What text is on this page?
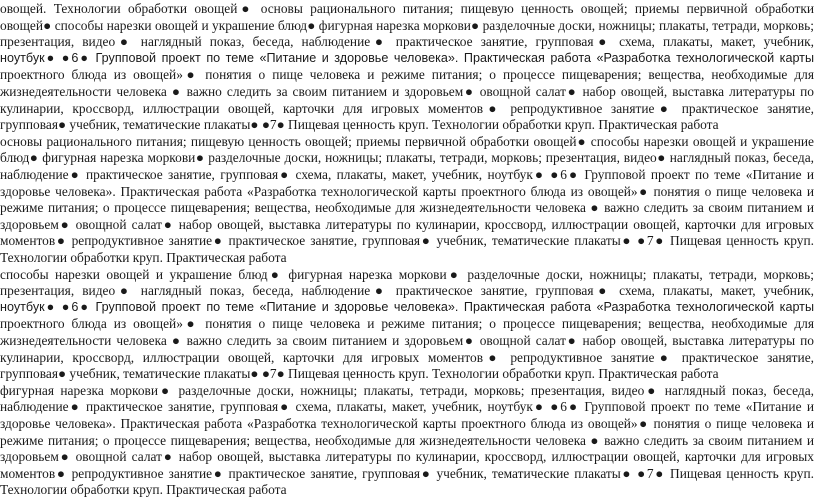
овощей. Технологии обработки овощей● основы рационального питания; пищевую ценность овощей; приемы первичной обработки
овощей● способы нарезки овощей и украшение блюд● фигурная нарезка моркови● разделочные доски, ножницы; плакаты, тетради, морковь;
презентация, видео● наглядный показ, беседа, наблюдение● практическое занятие, групповая● схема, плакаты, макет, учебник,
ноутбук● ●6● Групповой проект по теме «Питание и здоровье человека». Практическая работа «Разработка технологической карты
проектного блюда из овощей»● понятия о пище человека и режиме питания; о процессе пищеварения; вещества, необходимые для
жизнедеятельности человека ● важно следить за своим питанием и здоровьем● овощной салат● набор овощей, выставка литературы по
кулинарии, кроссворд, иллюстрации овощей, карточки для игровых моментов● репродуктивное занятие● практическое занятие,
групповая● учебник, тематические плакаты● ●7● Пищевая ценность круп. Технологии обработки круп. Практическая работа
основы рационального питания; пищевую ценность овощей; приемы первичной обработки овощей● способы нарезки овощей и украшение
блюд● фигурная нарезка моркови● разделочные доски, ножницы; плакаты, тетради, морковь; презентация, видео● наглядный показ, беседа,
наблюдение● практическое занятие, групповая● схема, плакаты, макет, учебник, ноутбук● ●6● Групповой проект по теме «Питание и
здоровье человека». Практическая работа «Разработка технологической карты проектного блюда из овощей»● понятия о пище человека и
режиме питания; о процессе пищеварения; вещества, необходимые для жизнедеятельности человека ● важно следить за своим питанием и
здоровьем● овощной салат● набор овощей, выставка литературы по кулинарии, кроссворд, иллюстрации овощей, карточки для игровых
моментов● репродуктивное занятие● практическое занятие, групповая● учебник, тематические плакаты● ●7● Пищевая ценность круп.
Технологии обработки круп. Практическая работа
способы нарезки овощей и украшение блюд● фигурная нарезка моркови● разделочные доски, ножницы; плакаты, тетради, морковь;
презентация, видео● наглядный показ, беседа, наблюдение● практическое занятие, групповая● схема, плакаты, макет, учебник,
ноутбук● ●6● Групповой проект по теме «Питание и здоровье человека». Практическая работа «Разработка технологической карты
проектного блюда из овощей»● понятия о пище человека и режиме питания; о процессе пищеварения; вещества, необходимые для
жизнедеятельности человека ● важно следить за своим питанием и здоровьем● овощной салат● набор овощей, выставка литературы по
кулинарии, кроссворд, иллюстрации овощей, карточки для игровых моментов● репродуктивное занятие● практическое занятие,
групповая● учебник, тематические плакаты● ●7● Пищевая ценность круп. Технологии обработки круп. Практическая работа
фигурная нарезка моркови● разделочные доски, ножницы; плакаты, тетради, морковь; презентация, видео● наглядный показ, беседа,
наблюдение● практическое занятие, групповая● схема, плакаты, макет, учебник, ноутбук● ●6● Групповой проект по теме «Питание и
здоровье человека». Практическая работа «Разработка технологической карты проектного блюда из овощей»● понятия о пище человека и
режиме питания; о процессе пищеварения; вещества, необходимые для жизнедеятельности человека ● важно следить за своим питанием и
здоровьем● овощной салат● набор овощей, выставка литературы по кулинарии, кроссворд, иллюстрации овощей, карточки для игровых
моментов● репродуктивное занятие● практическое занятие, групповая● учебник, тематические плакаты● ●7● Пищевая ценность круп.
Технологии обработки круп. Практическая работа
